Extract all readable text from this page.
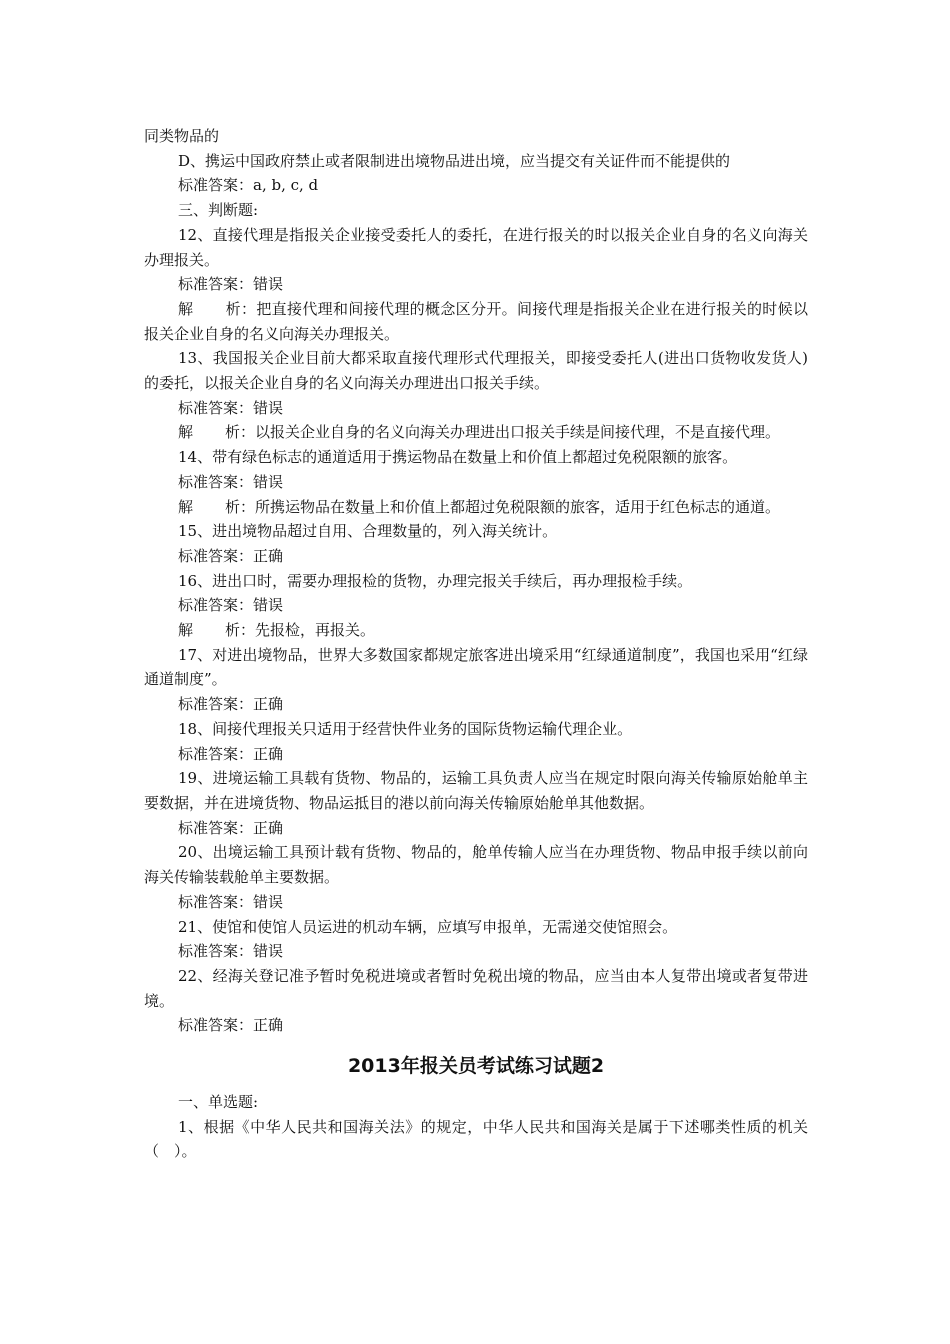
同类物品的

D、携运中国政府禁止或者限制进出境物品进出境，应当提交有关证件而不能提供的

标准答案：a, b, c, d

三、判断题:

12、直接代理是指报关企业接受委托人的委托，在进行报关的时以报关企业自身的名义向海关办理报关。

标准答案：错误

解 析：把直接代理和间接代理的概念区分开。间接代理是指报关企业在进行报关的时候以报关企业自身的名义向海关办理报关。

13、我国报关企业目前大都采取直接代理形式代理报关，即接受委托人(进出口货物收发货人)的委托，以报关企业自身的名义向海关办理进出口报关手续。

标准答案：错误

解 析：以报关企业自身的名义向海关办理进出口报关手续是间接代理，不是直接代理。

14、带有绿色标志的通道适用于携运物品在数量上和价值上都超过免税限额的旅客。

标准答案：错误

解 析：所携运物品在数量上和价值上都超过免税限额的旅客，适用于红色标志的通道。

15、进出境物品超过自用、合理数量的，列入海关统计。

标准答案：正确

16、进出口时，需要办理报检的货物，办理完报关手续后，再办理报检手续。

标准答案：错误

解 析：先报检，再报关。

17、对进出境物品，世界大多数国家都规定旅客进出境采用“红绿通道制度”，我国也采用“红绿通道制度”。

标准答案：正确

18、间接代理报关只适用于经营快件业务的国际货物运输代理企业。

标准答案：正确

19、进境运输工具载有货物、物品的，运输工具负责人应当在规定时限向海关传输原始舱单主要数据，并在进境货物、物品运抵目的港以前向海关传输原始舱单其他数据。

标准答案：正确

20、出境运输工具预计载有货物、物品的，舱单传输人应当在办理货物、物品申报手续以前向海关传输装载舱单主要数据。

标准答案：错误

21、使馆和使馆人员运进的机动车辆，应填写申报单，无需递交使馆照会。

标准答案：错误

22、经海关登记准予暂时免税进境或者暂时免税出境的物品，应当由本人复带出境或者复带进境。

标准答案：正确

2013年报关员考试练习试题2

一、单选题:

1、根据《中华人民共和国海关法》的规定，中华人民共和国海关是属于下述哪类性质的机关（　）。
